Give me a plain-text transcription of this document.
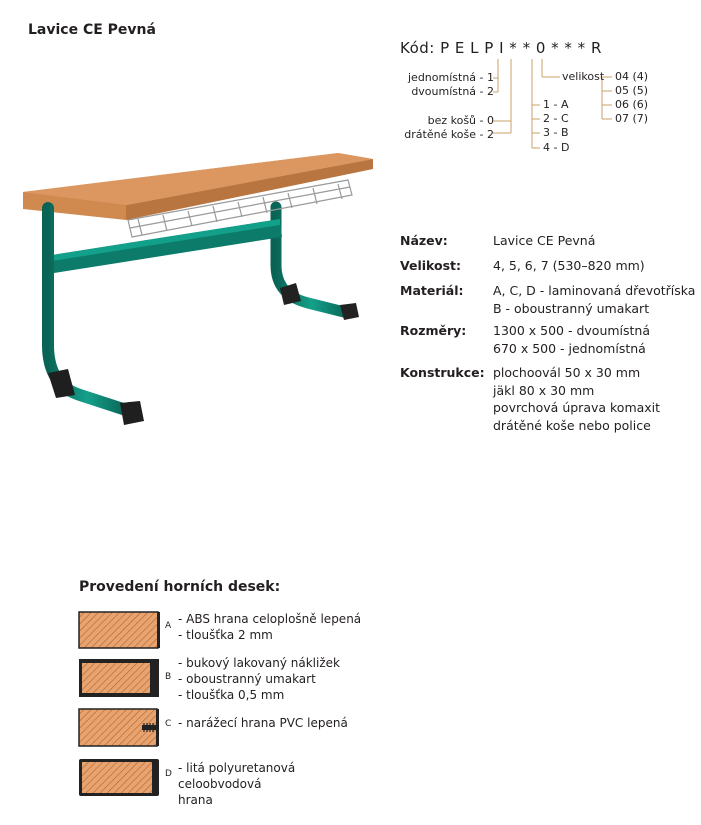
Lavice CE Pevná
Kód: P E L P I * * 0 * * * R
jednomístná - 1
dvoumístná - 2
bez košů - 0
drátěné koše - 2
1 - A
2 - C
3 - B
4 - D
velikost 04 (4)
05 (5)
06 (6)
07 (7)
Název:	Lavice CE Pevná
Velikost:	4, 5, 6, 7 (530–820 mm)
Materiál: A, C, D - laminovaná dřevotříska
B - oboustranný umakart
Rozměry: 1300 x 500 - dvoumístná
670 x 500 - jednomístná
Konstrukce: plochoovál 50 x 30 mm
jäkl 80 x 30 mm
povrchová úprava komaxit
drátěné koše nebo police
Provedení horních desek:
A - ABS hrana celoplošně lepená
- tloušťka 2 mm
B
- bukový lakovaný nákližek
- oboustranný umakart
- tloušťka 0,5 mm
C - narážecí hrana PVC lepená
D - litá polyuretanová celoobvodová
hrana
